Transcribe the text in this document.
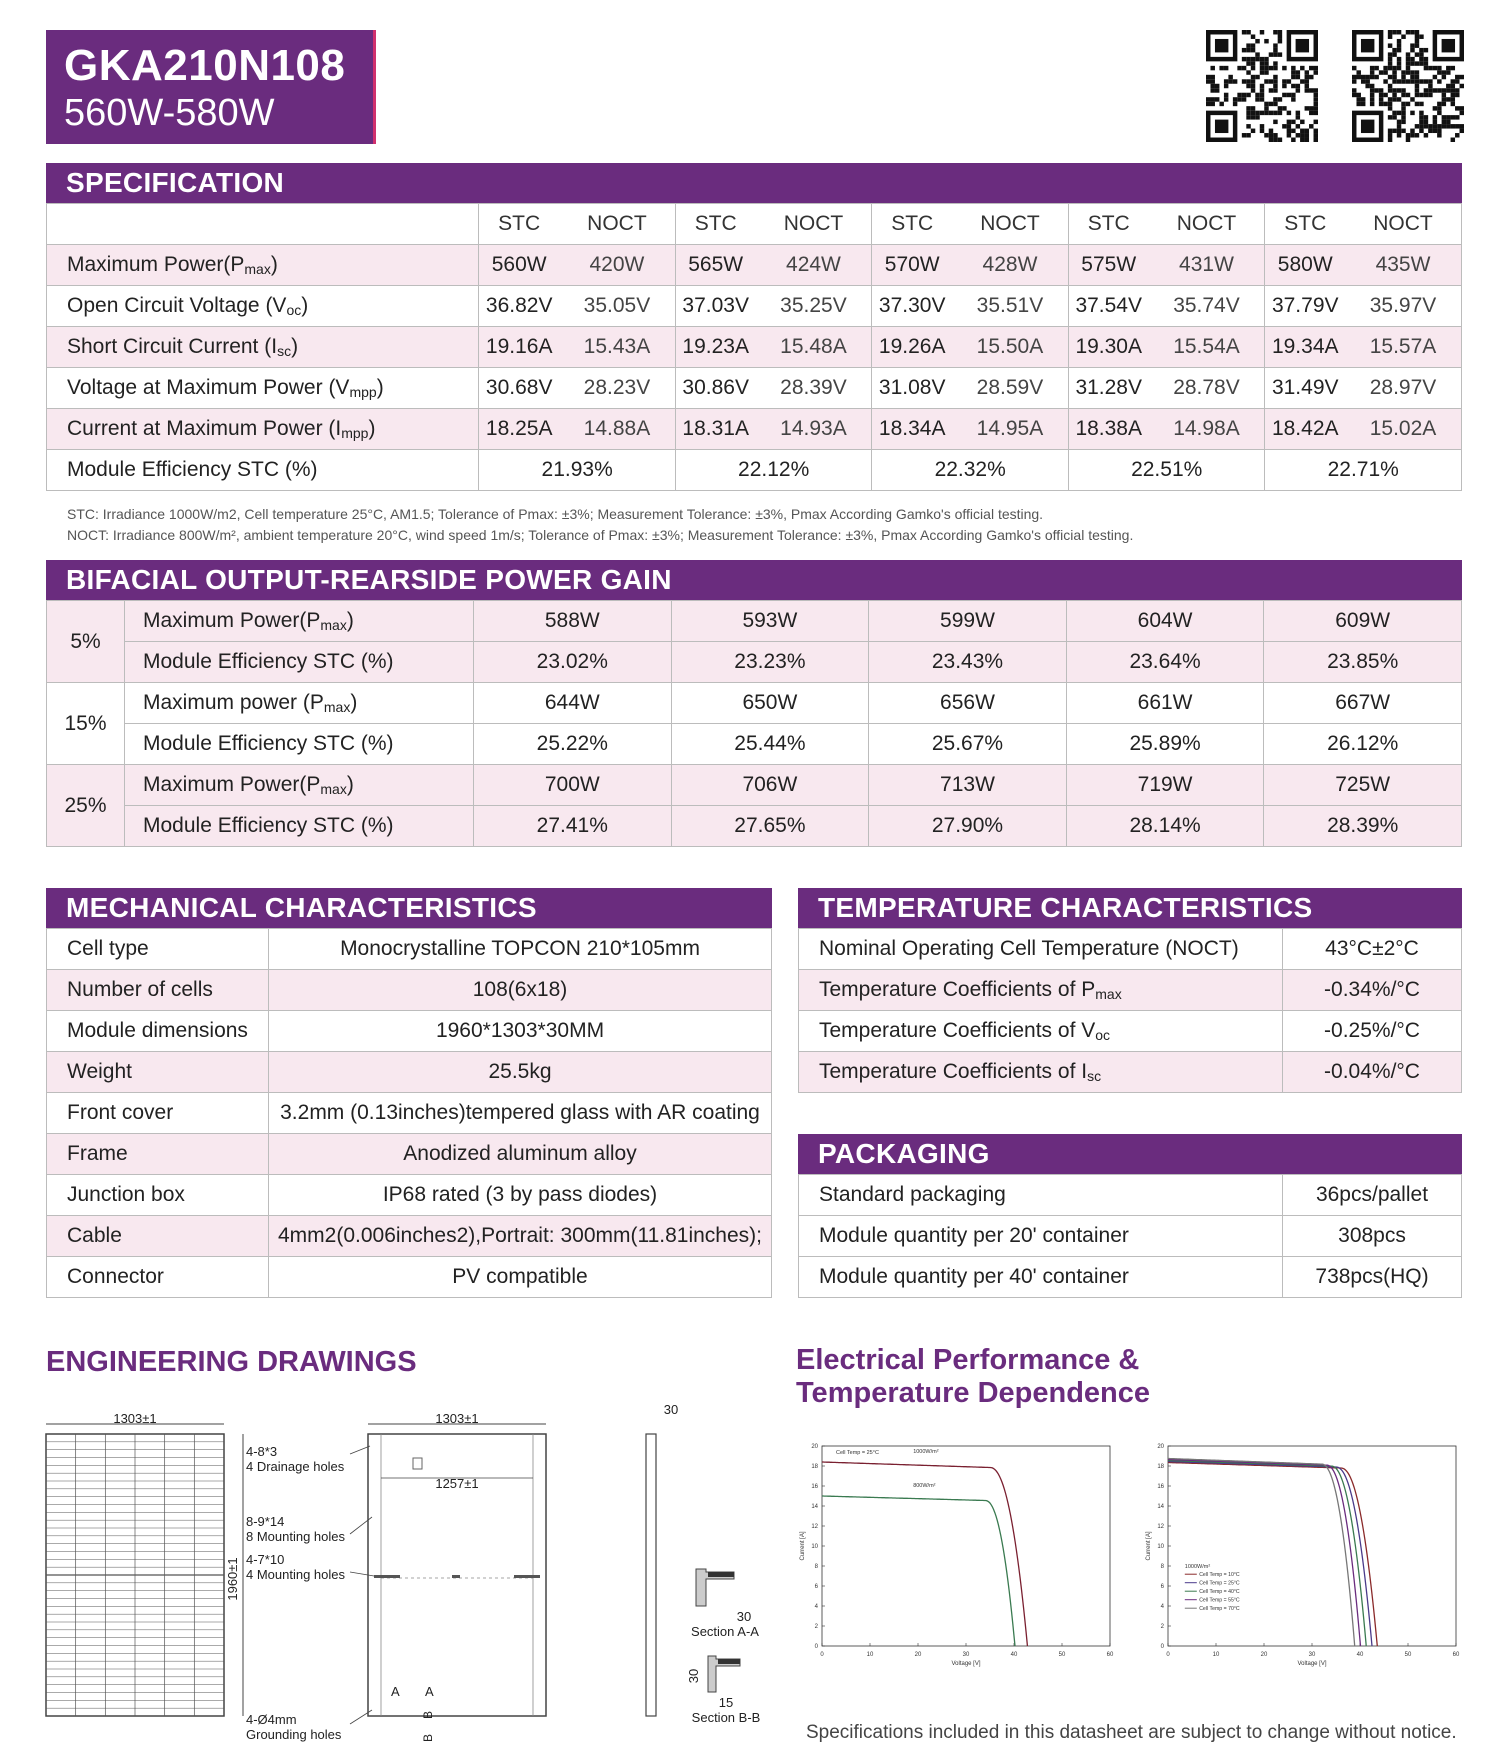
GKA210N108
560W-580W
SPECIFICATION
	STC	NOCT	STC	NOCT	STC	NOCT	STC	NOCT	STC	NOCT
Maximum $Power(P_{max})$	560W	420W	565W	424W	570W	428W	575W	431W	580W	435W
Open Circuit Voltage $(V_{oc})$	36.82V	35.05V	37.03V	35.25V	37.30V	35.51V	37.54V	35.74V	37.79V	35.97V
Short Circuit Current $(I_{sc})$	19.16A	15.43A	19.23A	15.48A	19.26A	15.50A	19.30A	15.54A	19.34A	15.57A
Voltage at Maximum Power $(V_{mpp})$	30.68V	28.23V	30.86V	28.39V	31.08V	28.59V	31.28V	28.78V	31.49V	28.97V
Current at Maximum Power $(I_{mpp})$	18.25A	14.88A	18.31A	14.93A	18.34A	14.95A	18.38A	14.98A	18.42A	15.02A
Module Efficiency STC (%)	21.93%		22.12%		22.32%		22.51%		22.71%	
STC: Irradiance 1000W/m2, Cell temperature 25°C, AM1.5; Tolerance of Pmax: ±3%; Measurement Tolerance: ±3%, Pmax According Gamko's official testing.
NOCT: Irradiance 800W/m², ambient temperature 20°C, wind speed 1m/s; Tolerance of Pmax: ±3%; Measurement Tolerance: ±3%, Pmax According Gamko's official testing.
BIFACIAL OUTPUT-REARSIDE POWER GAIN
5%	Maximum $Power(P_{max})$	588W	593W	599W	604W	609W
	Module Efficiency STC (%)	23.02%	23.23%	23.43%	23.64%	23.85%
15%	Maximum power $(P_{max})$	644W	650W	656W	661W	667W
	Module Efficiency STC (%)	25.22%	25.44%	25.67%	25.89%	26.12%
25%	Maximum $Power(P_{max})$	700W	706W	713W	719W	725W
	Module Efficiency STC (%)	27.41%	27.65%	27.90%	28.14%	28.39%
MECHANICAL CHARACTERISTICS
Cell type	Monocrystalline TOPCON 210*105mm
Number of cells	108(6x18)
Module dimensions	1960*1303*30MM
Weight	25.5kg
Front cover	3.2mm (0.13inches)tempered glass with AR coating
Frame	Anodized aluminum alloy
Junction box	IP68 rated (3 by pass diodes)
Cable	4mm2(0.006inches2),Portrait: 300mm(11.81inches);
Connector	PV compatible
TEMPERATURE CHARACTERISTICS
Nominal Operating Cell Temperature (NOCT)	43°C±2°C
Temperature Coefficients of $P_{max}$	-0.34%/°C
Temperature Coefficients of $V_{oc}$	-0.25%/°C
Temperature Coefficients of $I_{sc}$	-0.04%/°C
PACKAGING
Standard packaging	36pcs/pallet
Module quantity per 20' container	308pcs
Module quantity per 40' container	738pcs(HQ)
ENGINEERING DRAWINGS
1303±1
4-8*3
4 Drainage holes
8-9*14
8 Mounting holes
4-7*10
4 Mounting holes
4-Ø4mm
Grounding holes
1303±1
1257±1
1960±1
A A
B
B
30
30
Section A-A
30
15
Section B-B
Electrical Performance &
Temperature Dependence
0	10	20	30	40	50	60
0
2
4
6
8
10
12
14
16
18
20
Voltage [V]
Current [A]
Cell Temp = 25°C	1000W/m²
800W/m²
0	10	20	30	40	50	60
0
2
4
6
8
10
12
14
16
18
20
Voltage [V]
Current [A]
1000W/m²
Cell Temp = 10°C
Cell Temp = 25°C
Cell Temp = 40°C
Cell Temp = 55°C
Cell Temp = 70°C
Specifications included in this datasheet are subject to change without notice.
